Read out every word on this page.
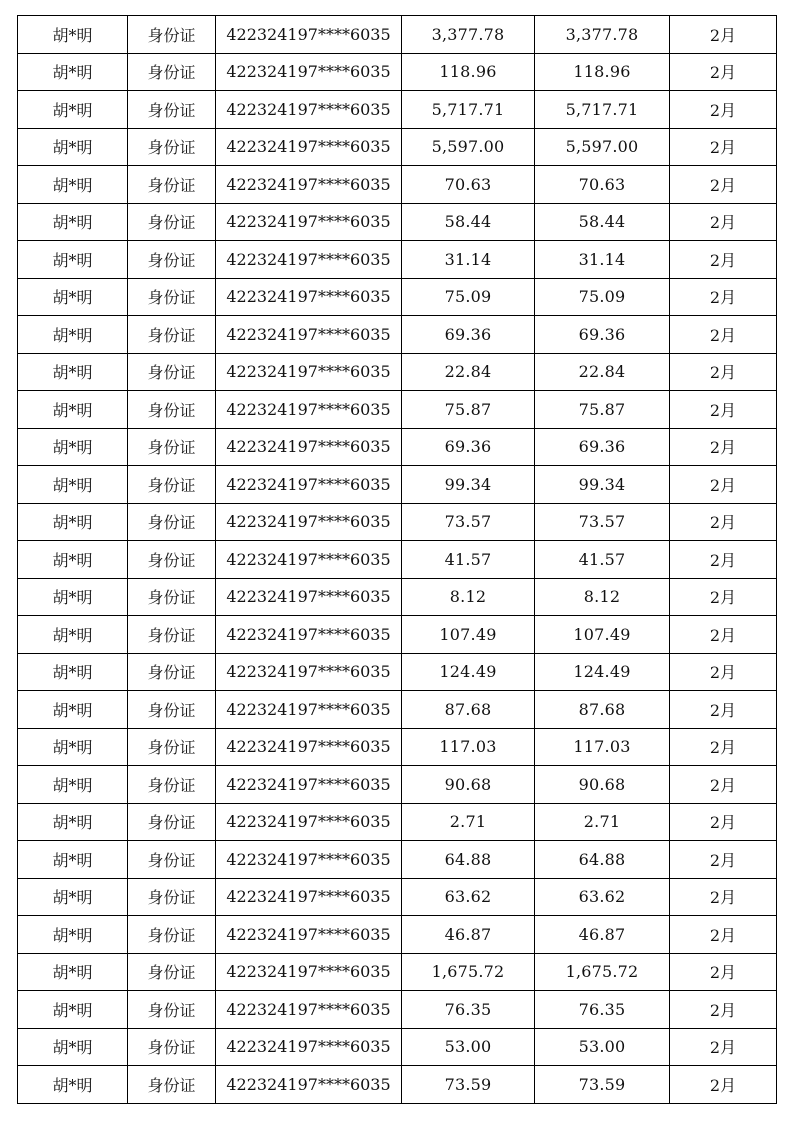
胡*明	身份证	422324197****6035	3,377.78	3,377.78	2月
胡*明	身份证	422324197****6035	118.96	118.96	2月
胡*明	身份证	422324197****6035	5,717.71	5,717.71	2月
胡*明	身份证	422324197****6035	5,597.00	5,597.00	2月
胡*明	身份证	422324197****6035	70.63	70.63	2月
胡*明	身份证	422324197****6035	58.44	58.44	2月
胡*明	身份证	422324197****6035	31.14	31.14	2月
胡*明	身份证	422324197****6035	75.09	75.09	2月
胡*明	身份证	422324197****6035	69.36	69.36	2月
胡*明	身份证	422324197****6035	22.84	22.84	2月
胡*明	身份证	422324197****6035	75.87	75.87	2月
胡*明	身份证	422324197****6035	69.36	69.36	2月
胡*明	身份证	422324197****6035	99.34	99.34	2月
胡*明	身份证	422324197****6035	73.57	73.57	2月
胡*明	身份证	422324197****6035	41.57	41.57	2月
胡*明	身份证	422324197****6035	8.12	8.12	2月
胡*明	身份证	422324197****6035	107.49	107.49	2月
胡*明	身份证	422324197****6035	124.49	124.49	2月
胡*明	身份证	422324197****6035	87.68	87.68	2月
胡*明	身份证	422324197****6035	117.03	117.03	2月
胡*明	身份证	422324197****6035	90.68	90.68	2月
胡*明	身份证	422324197****6035	2.71	2.71	2月
胡*明	身份证	422324197****6035	64.88	64.88	2月
胡*明	身份证	422324197****6035	63.62	63.62	2月
胡*明	身份证	422324197****6035	46.87	46.87	2月
胡*明	身份证	422324197****6035	1,675.72	1,675.72	2月
胡*明	身份证	422324197****6035	76.35	76.35	2月
胡*明	身份证	422324197****6035	53.00	53.00	2月
胡*明	身份证	422324197****6035	73.59	73.59	2月
